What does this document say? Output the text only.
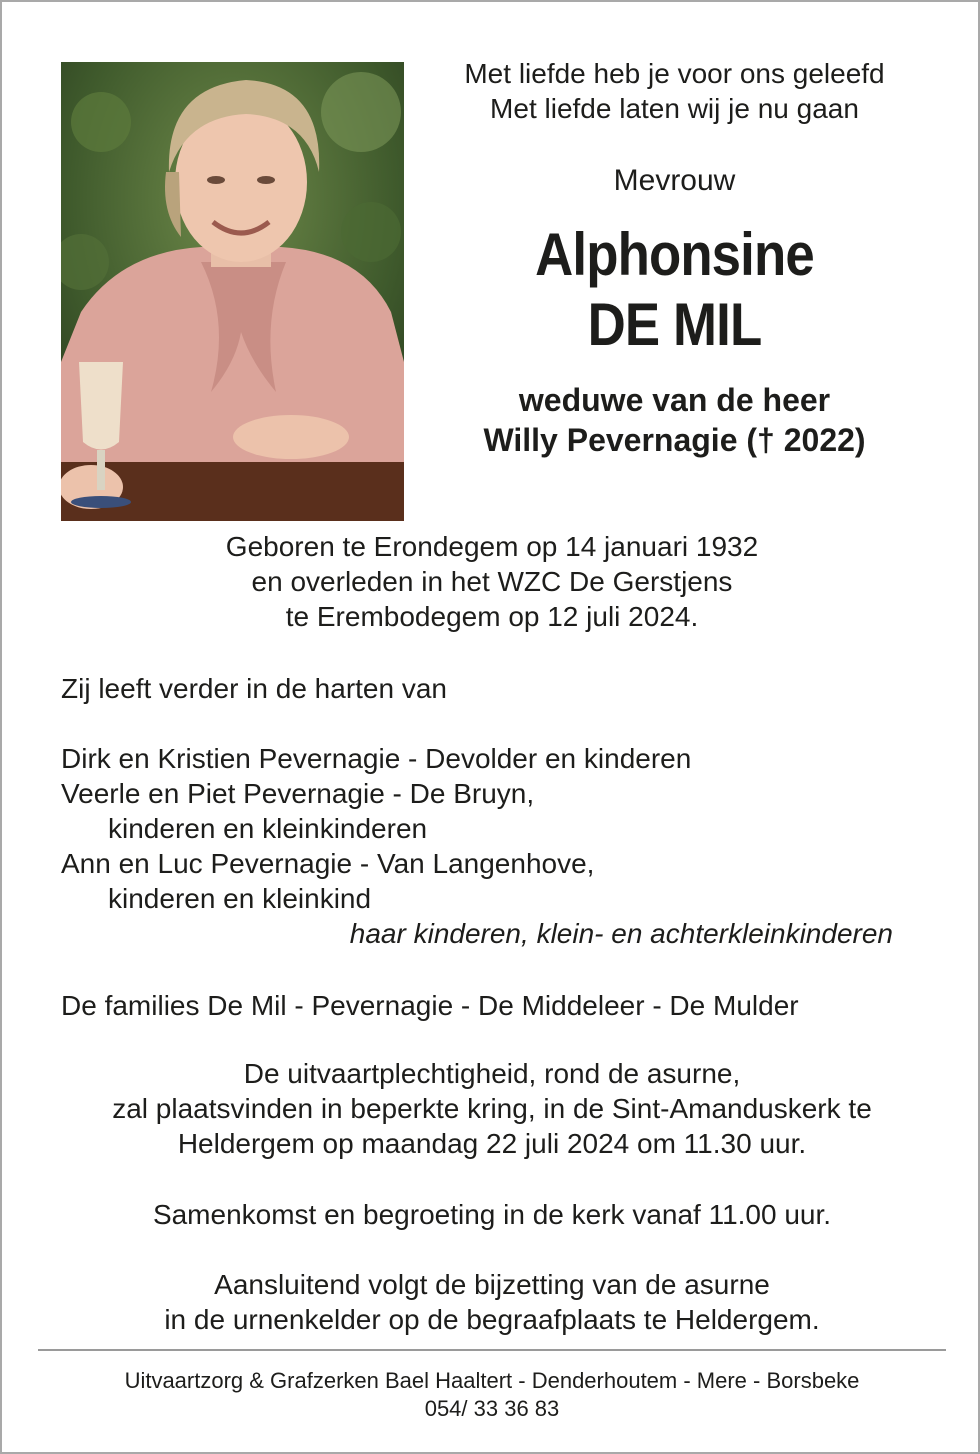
Met liefde heb je voor ons geleefd
Met liefde laten wij je nu gaan
Mevrouw
Alphonsine
DE MIL
weduwe van de heer
Willy Pevernagie († 2022)
Geboren te Erondegem op 14 januari 1932
en overleden in het WZC De Gerstjens
te Erembodegem op 12 juli 2024.
Zij leeft verder in de harten van
Dirk en Kristien Pevernagie - Devolder en kinderen
Veerle en Piet Pevernagie - De Bruyn,
kinderen en kleinkinderen
Ann en Luc Pevernagie - Van Langenhove,
kinderen en kleinkind
haar kinderen, klein- en achterkleinkinderen
De families De Mil - Pevernagie - De Middeleer - De Mulder
De uitvaartplechtigheid, rond de asurne,
zal plaatsvinden in beperkte kring, in de Sint-Amanduskerk te
Heldergem op maandag 22 juli 2024 om 11.30 uur.
Samenkomst en begroeting in de kerk vanaf 11.00 uur.
Aansluitend volgt de bijzetting van de asurne
in de urnenkelder op de begraafplaats te Heldergem.
Uitvaartzorg & Grafzerken Bael Haaltert - Denderhoutem - Mere - Borsbeke
054/ 33 36 83
